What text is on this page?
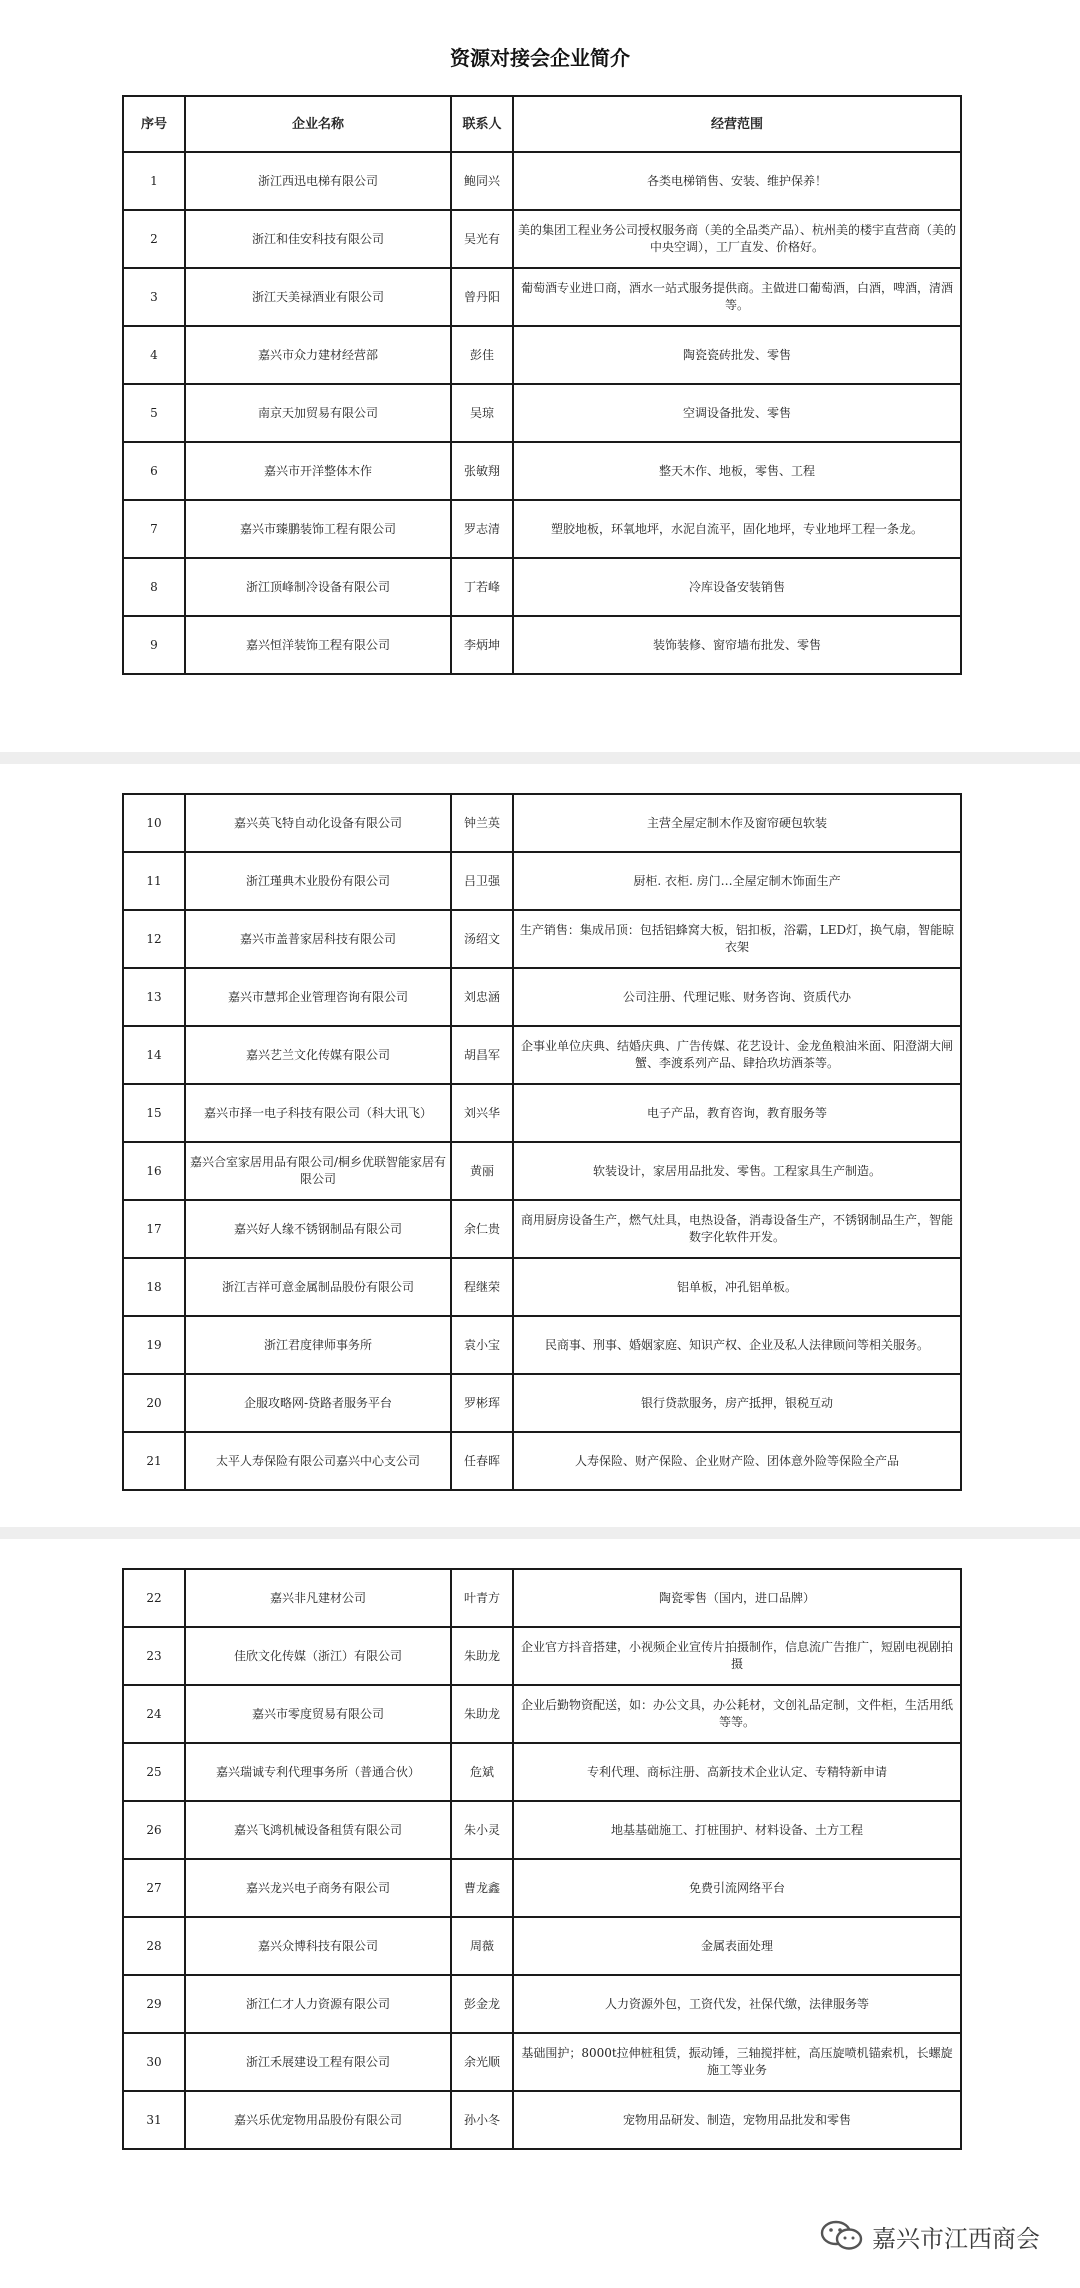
资源对接会企业简介
序号	企业名称	联系人	经营范围
1	浙江西迅电梯有限公司	鲍同兴	各类电梯销售、安装、维护保养！
2	浙江和佳安科技有限公司	吴光有	美的集团工程业务公司授权服务商（美的全品类产品）、杭州美的楼宇直营商（美的中央空调），工厂直发、价格好。
3	浙江天美禄酒业有限公司	曾丹阳	葡萄酒专业进口商，酒水一站式服务提供商。主做进口葡萄酒，白酒，啤酒，清酒等。
4	嘉兴市众力建材经营部	彭佳	陶瓷瓷砖批发、零售
5	南京天加贸易有限公司	吴琼	空调设备批发、零售
6	嘉兴市开洋整体木作	张敏翔	整天木作、地板，零售、工程
7	嘉兴市臻鹏装饰工程有限公司	罗志清	塑胶地板，环氧地坪，水泥自流平，固化地坪，专业地坪工程一条龙。
8	浙江顶峰制冷设备有限公司	丁若峰	冷库设备安装销售
9	嘉兴恒洋装饰工程有限公司	李炳坤	装饰装修、窗帘墙布批发、零售
10	嘉兴英飞特自动化设备有限公司	钟兰英	主营全屋定制木作及窗帘硬包软装
11	浙江瑾典木业股份有限公司	吕卫强	厨柜. 衣柜. 房门…全屋定制木饰面生产
12	嘉兴市盖普家居科技有限公司	汤绍文	生产销售：集成吊顶：包括铝蜂窝大板，铝扣板，浴霸，LED灯，换气扇，智能晾衣架
13	嘉兴市慧邦企业管理咨询有限公司	刘忠涵	公司注册、代理记账、财务咨询、资质代办
14	嘉兴艺兰文化传媒有限公司	胡昌军	企事业单位庆典、结婚庆典、广告传媒、花艺设计、金龙鱼粮油米面、阳澄湖大闸蟹、李渡系列产品、肆拾玖坊酒茶等。
15	嘉兴市择一电子科技有限公司（科大讯飞）	刘兴华	电子产品，教育咨询，教育服务等
16	嘉兴合室家居用品有限公司/桐乡优联智能家居有限公司	黄丽	软装设计，家居用品批发、零售。工程家具生产制造。
17	嘉兴好人缘不锈钢制品有限公司	余仁贵	商用厨房设备生产，燃气灶具，电热设备，消毒设备生产，不锈钢制品生产，智能数字化软件开发。
18	浙江吉祥可意金属制品股份有限公司	程继荣	铝单板，冲孔铝单板。
19	浙江君度律师事务所	袁小宝	民商事、刑事、婚姻家庭、知识产权、企业及私人法律顾问等相关服务。
20	企服攻略网-贷路者服务平台	罗彬珲	银行贷款服务，房产抵押，银税互动
21	太平人寿保险有限公司嘉兴中心支公司	任春晖	人寿保险、财产保险、企业财产险、团体意外险等保险全产品
22	嘉兴非凡建材公司	叶青方	陶瓷零售（国内，进口品牌）
23	佳欣文化传媒（浙江）有限公司	朱助龙	企业官方抖音搭建，小视频企业宣传片拍摄制作，信息流广告推广，短剧电视剧拍摄
24	嘉兴市零度贸易有限公司	朱助龙	企业后勤物资配送，如：办公文具，办公耗材，文创礼品定制，文件柜，生活用纸等等。
25	嘉兴瑞诚专利代理事务所（普通合伙）	危斌	专利代理、商标注册、高新技术企业认定、专精特新申请
26	嘉兴飞鸿机械设备租赁有限公司	朱小灵	地基基础施工、打桩围护、材料设备、土方工程
27	嘉兴龙兴电子商务有限公司	曹龙鑫	免费引流网络平台
28	嘉兴众博科技有限公司	周薇	金属表面处理
29	浙江仁才人力资源有限公司	彭金龙	人力资源外包，工资代发，社保代缴，法律服务等
30	浙江禾展建设工程有限公司	余光顺	基础围护；8000t拉伸桩租赁，振动锤，三轴搅拌桩，高压旋喷机锚索机，长螺旋施工等业务
31	嘉兴乐优宠物用品股份有限公司	孙小冬	宠物用品研发、制造，宠物用品批发和零售
嘉兴市江西商会
